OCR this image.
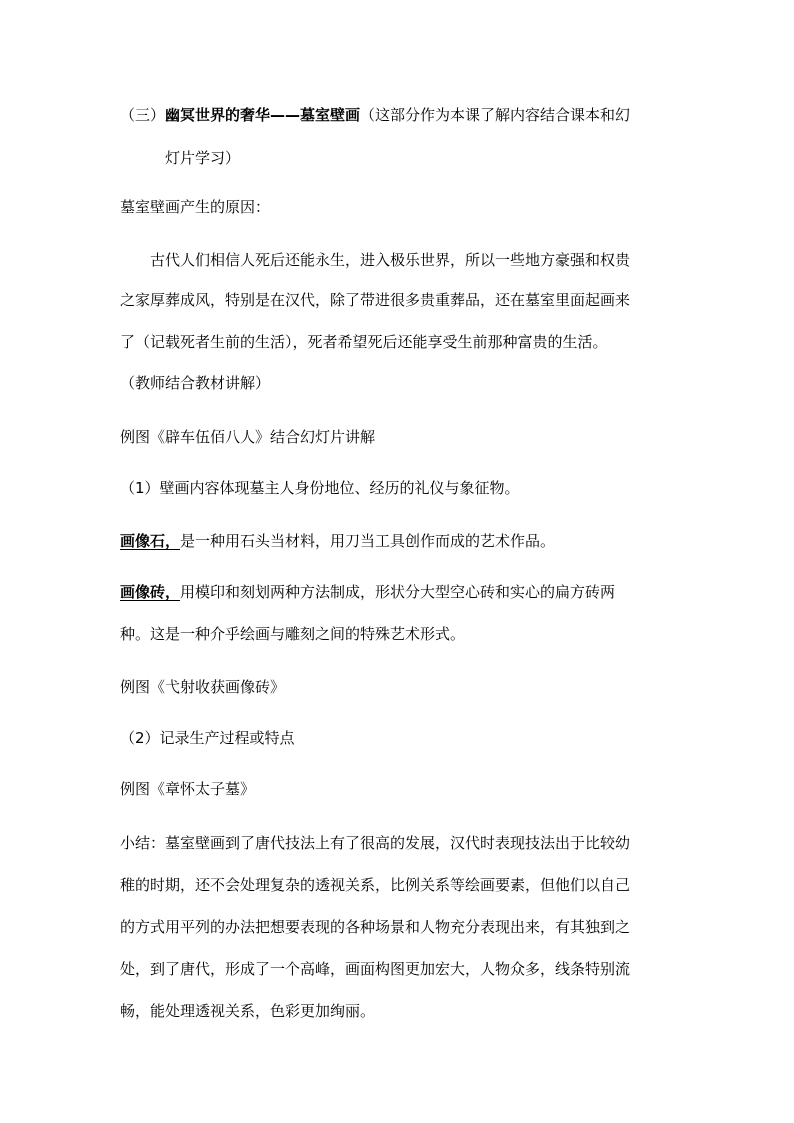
（三）幽冥世界的奢华——墓室壁画（这部分作为本课了解内容结合课本和幻
灯片学习）
墓室壁画产生的原因：
古代人们相信人死后还能永生，进入极乐世界，所以一些地方豪强和权贵
之家厚葬成风，特别是在汉代，除了带进很多贵重葬品，还在墓室里面起画来
了（记载死者生前的生活），死者希望死后还能享受生前那种富贵的生活。
（教师结合教材讲解）
例图《辟车伍佰八人》结合幻灯片讲解
（1）壁画内容体现墓主人身份地位、经历的礼仪与象征物。
画像石，是一种用石头当材料，用刀当工具创作而成的艺术作品。
画像砖，用模印和刻划两种方法制成，形状分大型空心砖和实心的扁方砖两
种。这是一种介乎绘画与雕刻之间的特殊艺术形式。
例图《弋射收获画像砖》
（2）记录生产过程或特点
例图《章怀太子墓》
小结：墓室壁画到了唐代技法上有了很高的发展，汉代时表现技法出于比较幼
稚的时期，还不会处理复杂的透视关系，比例关系等绘画要素，但他们以自己
的方式用平列的办法把想要表现的各种场景和人物充分表现出来，有其独到之
处，到了唐代，形成了一个高峰，画面构图更加宏大，人物众多，线条特别流
畅，能处理透视关系，色彩更加绚丽。
